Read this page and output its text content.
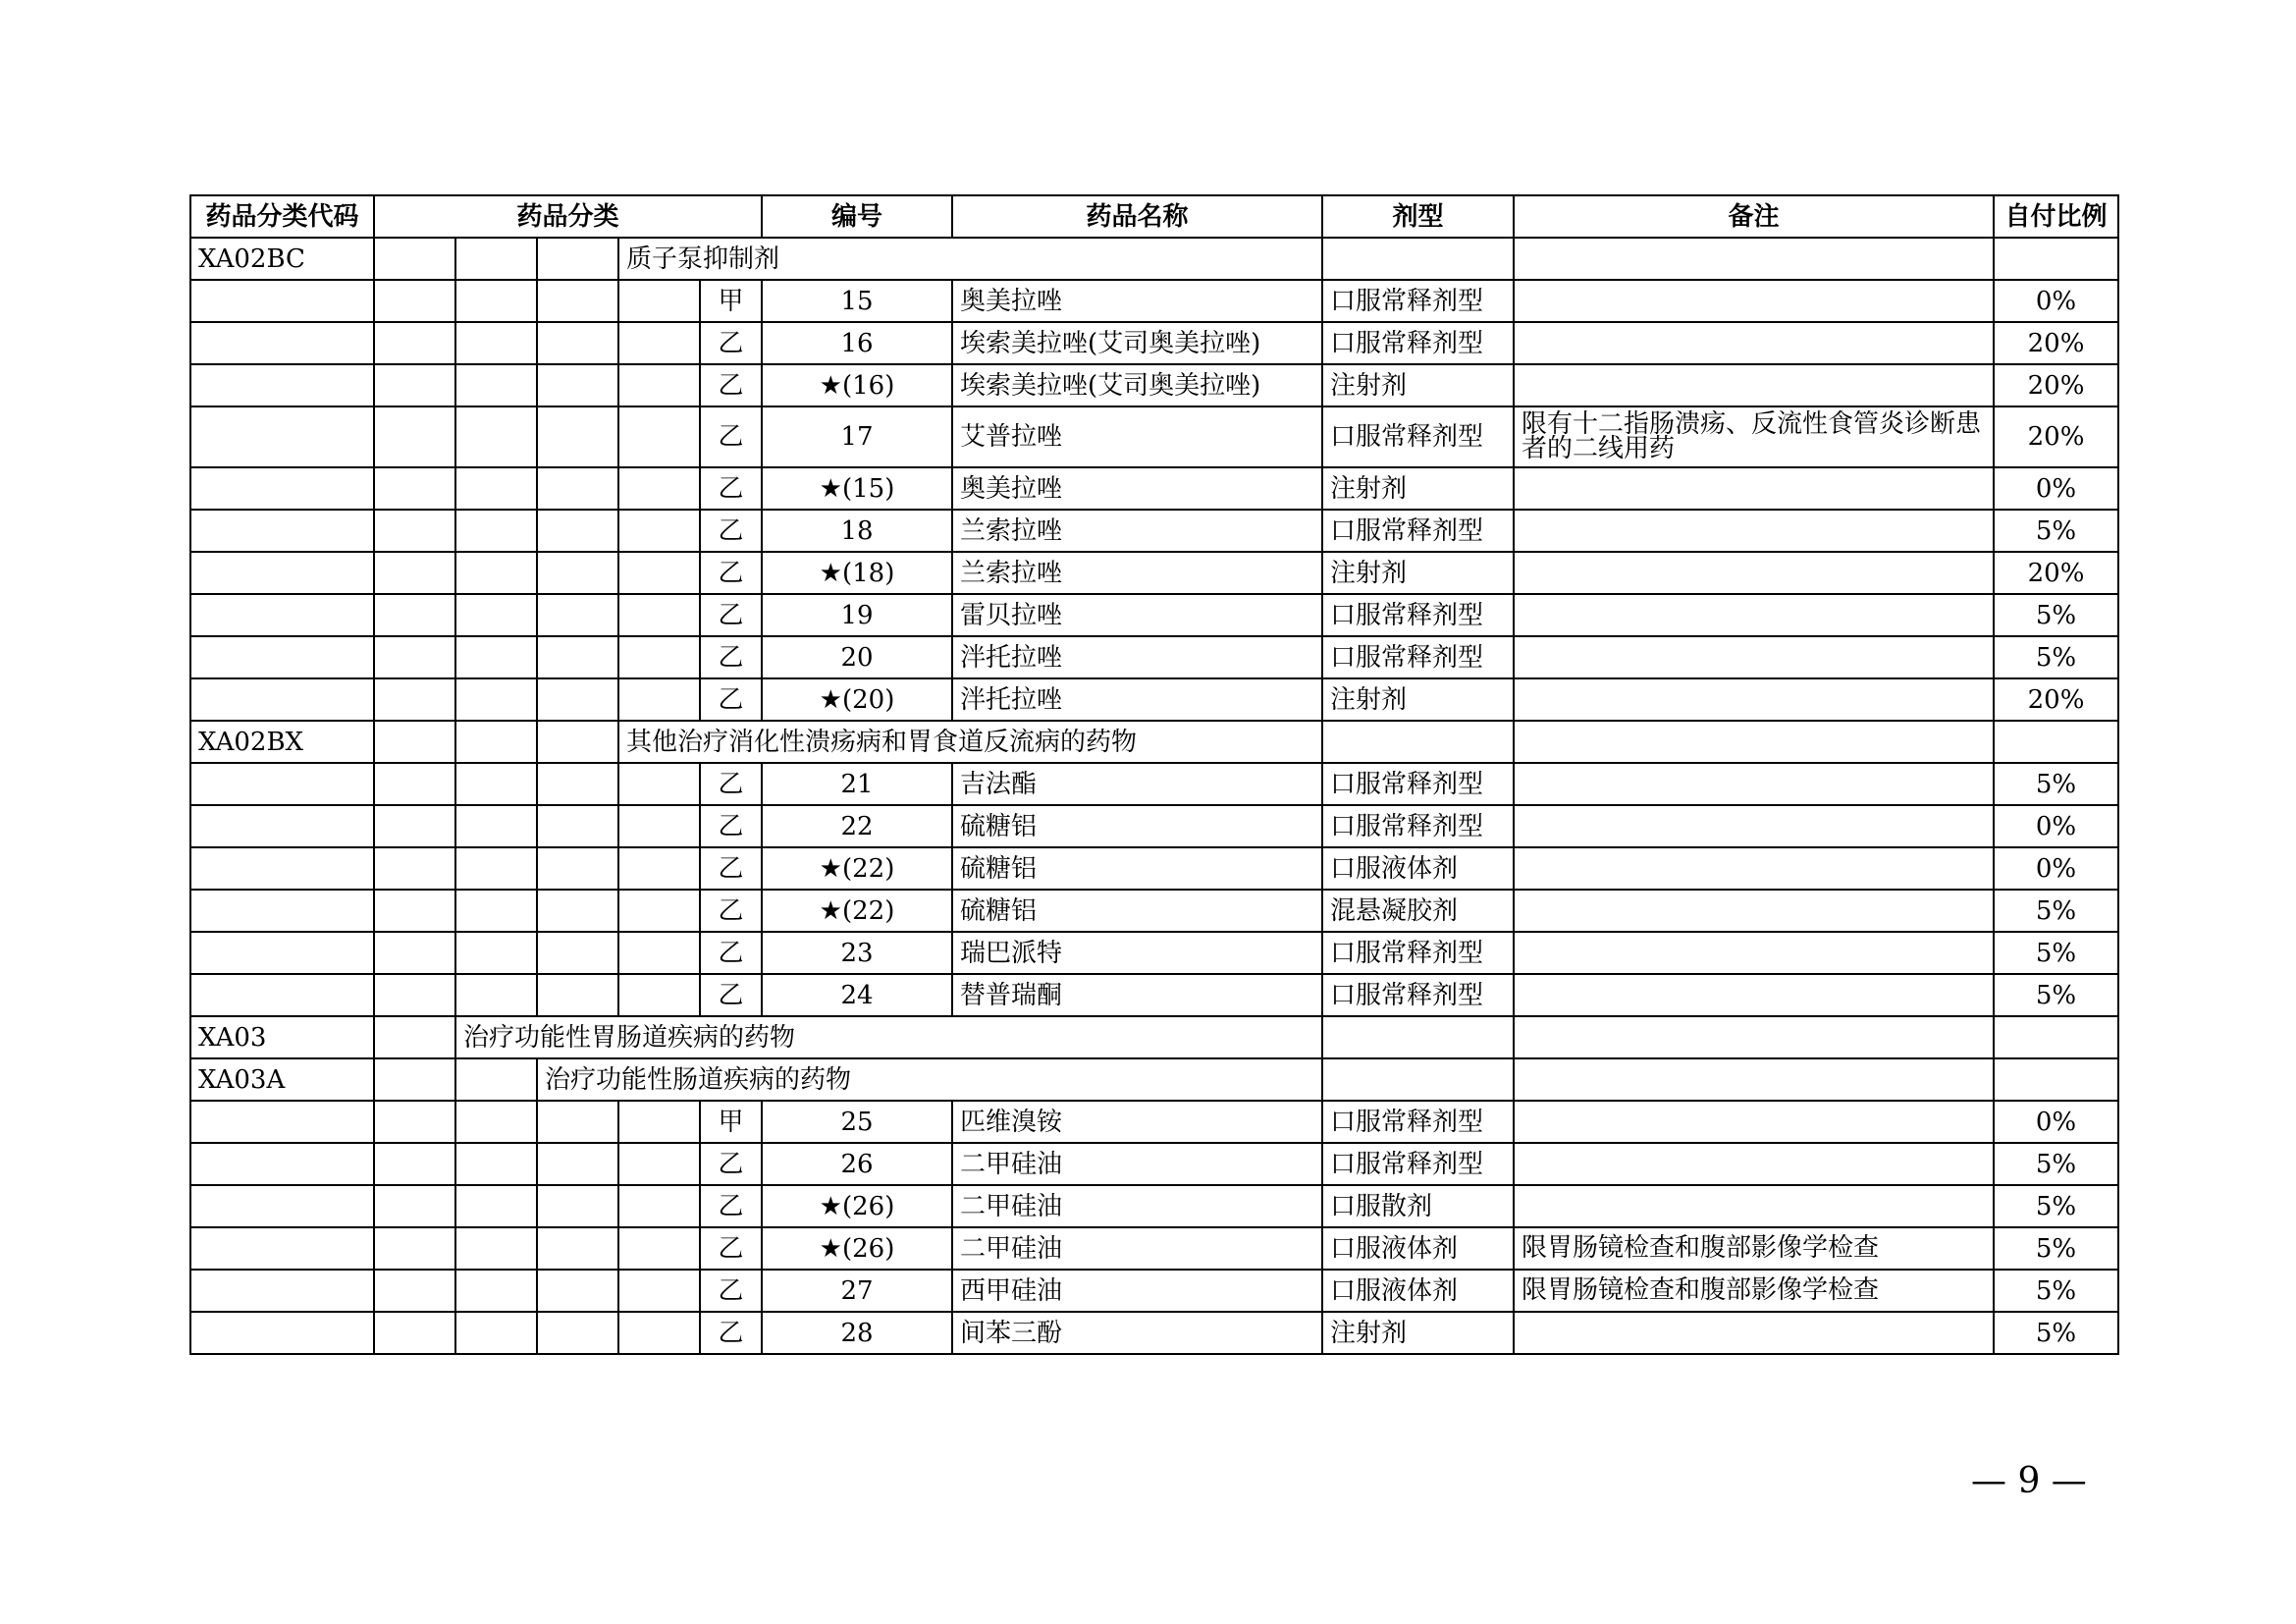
药品分类代码	药品分类					编号	药品名称	剂型	备注	自付比例
XA02BC				质子泵抑制剂						
					甲	15	奥美拉唑	口服常释剂型		0%
					乙	16	埃索美拉唑(艾司奥美拉唑)	口服常释剂型		20%
					乙	★(16)	埃索美拉唑(艾司奥美拉唑)	注射剂		20%
					乙	17	艾普拉唑	口服常释剂型	限有十二指肠溃疡、反流性食管炎诊断患者的二线用药	20%
					乙	★(15)	奥美拉唑	注射剂		0%
					乙	18	兰索拉唑	口服常释剂型		5%
					乙	★(18)	兰索拉唑	注射剂		20%
					乙	19	雷贝拉唑	口服常释剂型		5%
					乙	20	泮托拉唑	口服常释剂型		5%
					乙	★(20)	泮托拉唑	注射剂		20%
XA02BX				其他治疗消化性溃疡病和胃食道反流病的药物						
					乙	21	吉法酯	口服常释剂型		5%
					乙	22	硫糖铝	口服常释剂型		0%
					乙	★(22)	硫糖铝	口服液体剂		0%
					乙	★(22)	硫糖铝	混悬凝胶剂		5%
					乙	23	瑞巴派特	口服常释剂型		5%
					乙	24	替普瑞酮	口服常释剂型		5%
XA03		治疗功能性胃肠道疾病的药物								
XA03A			治疗功能性肠道疾病的药物							
					甲	25	匹维溴铵	口服常释剂型		0%
					乙	26	二甲硅油	口服常释剂型		5%
					乙	★(26)	二甲硅油	口服散剂		5%
					乙	★(26)	二甲硅油	口服液体剂	限胃肠镜检查和腹部影像学检查	5%
					乙	27	西甲硅油	口服液体剂	限胃肠镜检查和腹部影像学检查	5%
					乙	28	间苯三酚	注射剂		5%
— 9 —
